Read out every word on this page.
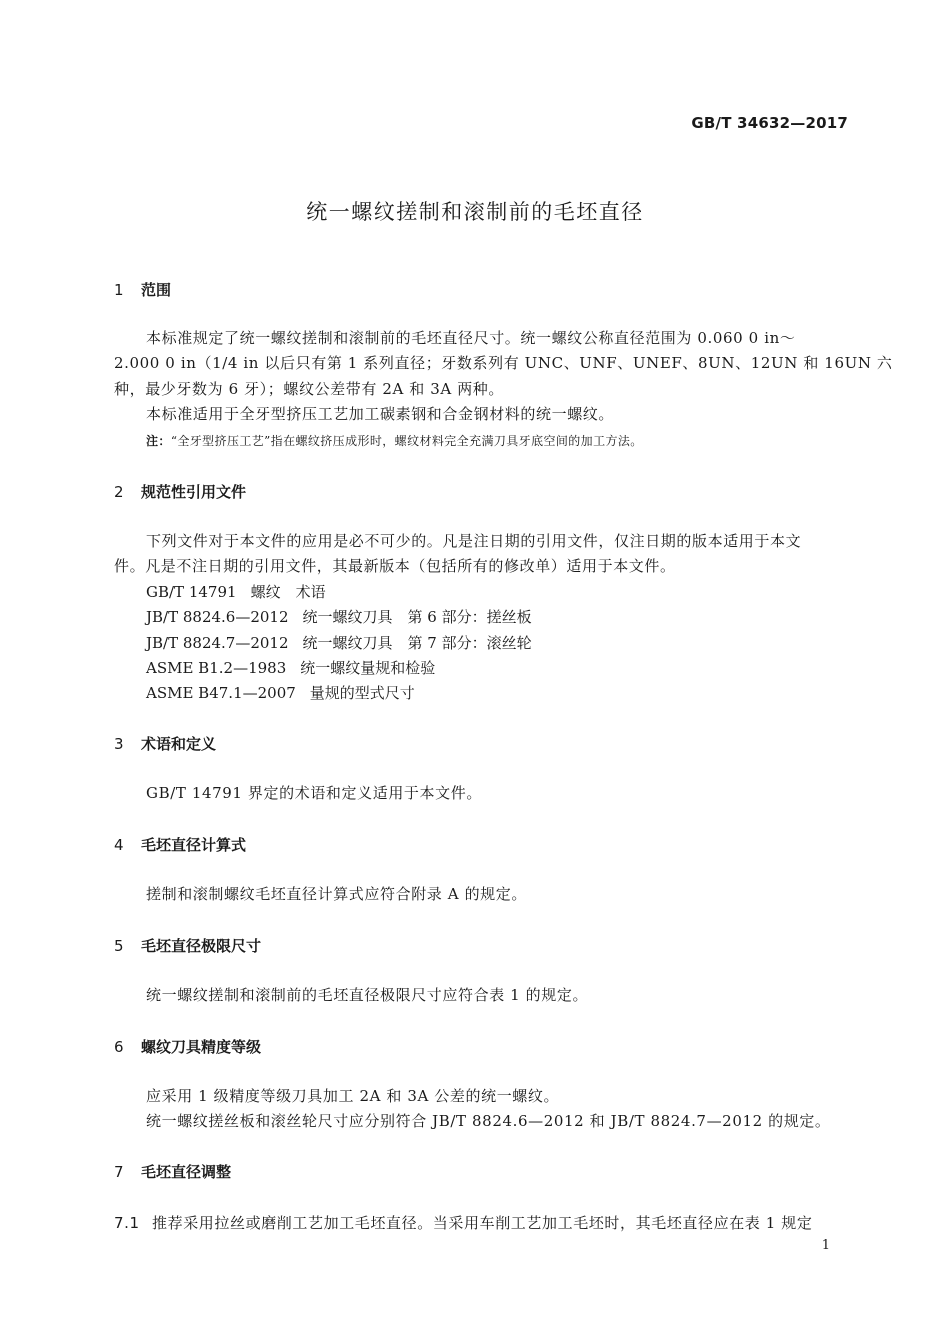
GB/T 34632—2017
统一螺纹搓制和滚制前的毛坯直径
1 范围
本标准规定了统一螺纹搓制和滚制前的毛坯直径尺寸。统一螺纹公称直径范围为 0.060 0 in～
2.000 0 in（1/4 in 以后只有第 1 系列直径；牙数系列有 UNC、UNF、UNEF、8UN、12UN 和 16UN 六
种，最少牙数为 6 牙）；螺纹公差带有 2A 和 3A 两种。
本标准适用于全牙型挤压工艺加工碳素钢和合金钢材料的统一螺纹。
注：“全牙型挤压工艺”指在螺纹挤压成形时，螺纹材料完全充满刀具牙底空间的加工方法。
2 规范性引用文件
下列文件对于本文件的应用是必不可少的。凡是注日期的引用文件，仅注日期的版本适用于本文
件。凡是不注日期的引用文件，其最新版本（包括所有的修改单）适用于本文件。
GB/T 14791 螺纹　术语
JB/T 8824.6—2012 统一螺纹刀具　第 6 部分：搓丝板
JB/T 8824.7—2012 统一螺纹刀具　第 7 部分：滚丝轮
ASME B1.2—1983 统一螺纹量规和检验
ASME B47.1—2007 量规的型式尺寸
3 术语和定义
GB/T 14791 界定的术语和定义适用于本文件。
4 毛坯直径计算式
搓制和滚制螺纹毛坯直径计算式应符合附录 A 的规定。
5 毛坯直径极限尺寸
统一螺纹搓制和滚制前的毛坯直径极限尺寸应符合表 1 的规定。
6 螺纹刀具精度等级
应采用 1 级精度等级刀具加工 2A 和 3A 公差的统一螺纹。
统一螺纹搓丝板和滚丝轮尺寸应分别符合 JB/T 8824.6—2012 和 JB/T 8824.7—2012 的规定。
7 毛坯直径调整
7.1 推荐采用拉丝或磨削工艺加工毛坯直径。当采用车削工艺加工毛坯时，其毛坯直径应在表 1 规定
1
